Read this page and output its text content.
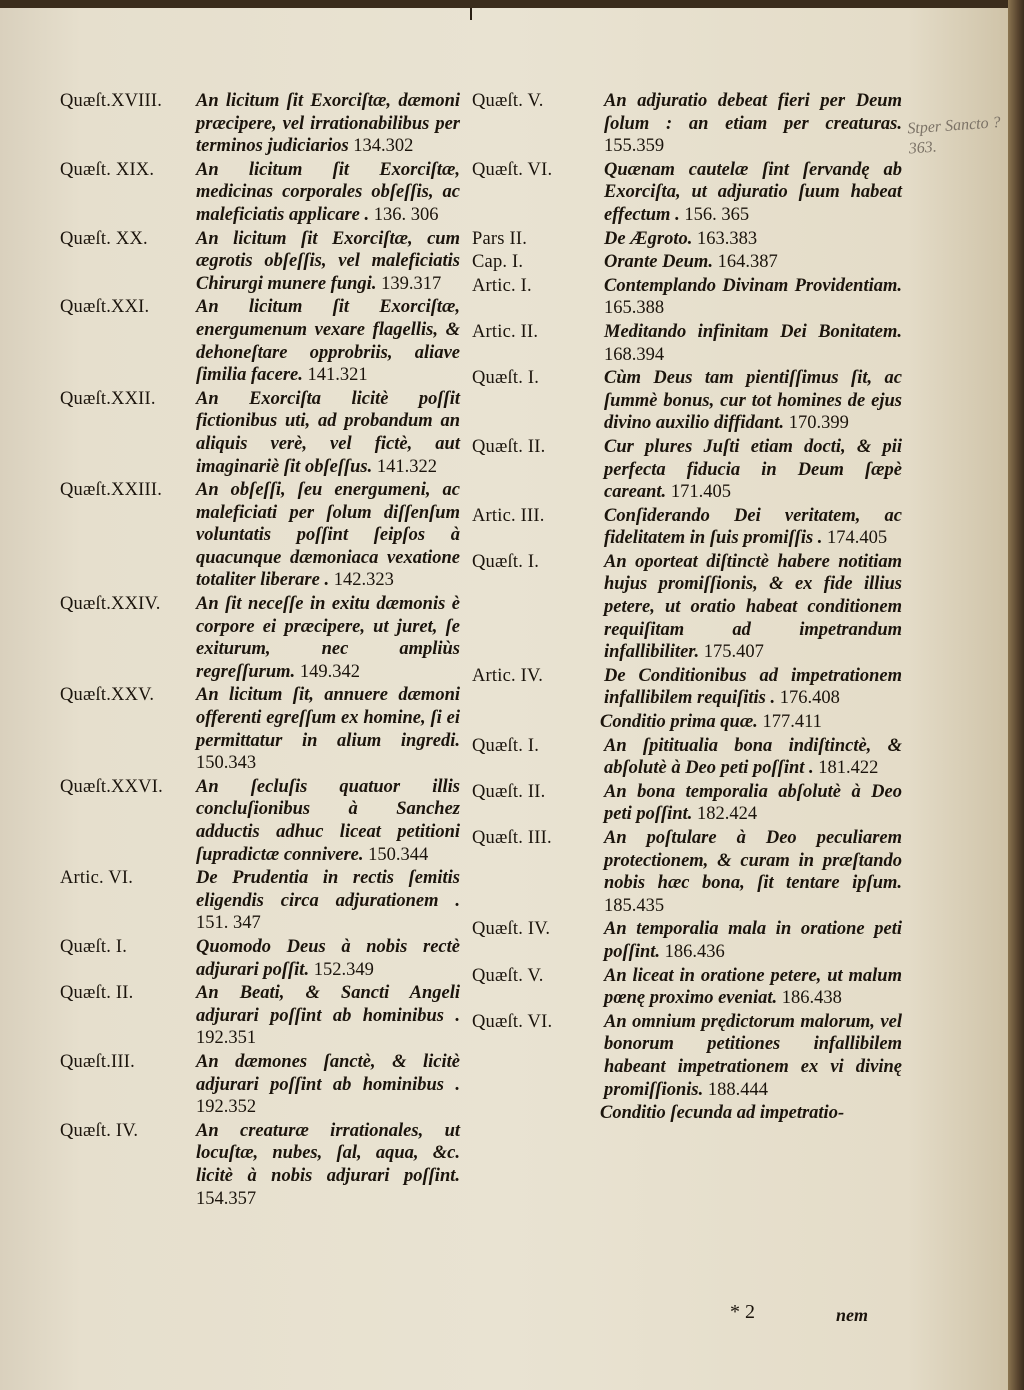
Quæſt.XVIII.	An licitum ſit Exorciſtæ, dæmoni præcipere, vel irrationabilibus per terminos judiciarios 134.302
Quæſt. XIX.	An licitum ſit Exorciſtæ, medicinas corporales obſeſſis, ac maleficiatis applicare . 136. 306
Quæſt. XX.	An licitum ſit Exorciſtæ, cum ægrotis obſeſſis, vel maleficiatis Chirurgi munere fungi. 139.317
Quæſt.XXI.	An licitum ſit Exorciſtæ, energumenum vexare flagellis, & dehoneſtare opprobriis, aliave ſimilia facere. 141.321
Quæſt.XXII.	An Exorciſta licitè poſſit fictionibus uti, ad probandum an aliquis verè, vel fictè, aut imaginariè ſit obſeſſus. 141.322
Quæſt.XXIII.	An obſeſſi, ſeu energumeni, ac maleficiati per ſolum diſſenſum voluntatis poſſint ſeipſos à quacunque dæmoniaca vexatione totaliter liberare . 142.323
Quæſt.XXIV.	An ſit neceſſe in exitu dæmonis è corpore ei præcipere, ut juret, ſe exiturum, nec ampliùs regreſſurum. 149.342
Quæſt.XXV.	An licitum ſit, annuere dæmoni offerenti egreſſum ex homine, ſi ei permittatur in alium ingredi. 150.343
Quæſt.XXVI.	An ſecluſis quatuor illis concluſionibus à Sanchez adductis adhuc liceat petitioni ſupradictæ connivere. 150.344
Artic. VI.	De Prudentia in rectis ſemitis eligendis circa adjurationem . 151. 347
Quæſt. I.	Quomodo Deus à nobis rectè adjurari poſſit. 152.349
Quæſt. II.	An Beati, & Sancti Angeli adjurari poſſint ab hominibus . 192.351
Quæſt.III.	An dæmones ſanctè, & licitè adjurari poſſint ab hominibus . 192.352
Quæſt. IV.	An creaturæ irrationales, ut locuſtæ, nubes, ſal, aqua, &c. licitè à nobis adjurari poſſint. 154.357
Quæſt. V.	An adjuratio debeat fieri per Deum ſolum : an etiam per creaturas. 155.359
Quæſt. VI.	Quænam cautelæ ſint ſervandę ab Exorciſta, ut adjuratio ſuum habeat effectum . 156. 365
Pars II.	De Ægroto. 163.383
Cap. I.	Orante Deum. 164.387
Artic. I.	Contemplando Divinam Providentiam. 165.388
Artic. II.	Meditando infinitam Dei Bonitatem. 168.394
Quæſt. I.	Cùm Deus tam pientiſſimus ſit, ac ſummè bonus, cur tot homines de ejus divino auxilio diffidant. 170.399
Quæſt. II.	Cur plures Juſti etiam docti, & pii perfecta fiducia in Deum ſæpè careant. 171.405
Artic. III.	Conſiderando Dei veritatem, ac fidelitatem in ſuis promiſſis . 174.405
Quæſt. I.	An oporteat diſtinctè habere notitiam hujus promiſſionis, & ex fide illius petere, ut oratio habeat conditionem requiſitam ad impetrandum infallibiliter. 175.407
Artic. IV.	De Conditionibus ad impetrationem infallibilem requiſitis . 176.408
Conditio prima quæ. 177.411
Quæſt. I.	An ſpititualia bona indiſtinctè, & abſolutè à Deo peti poſſint . 181.422
Quæſt. II.	An bona temporalia abſolutè à Deo peti poſſint. 182.424
Quæſt. III.	An poſtulare à Deo peculiarem protectionem, & curam in præſtando nobis hæc bona, ſit tentare ipſum. 185.435
Quæſt. IV.	An temporalia mala in oratione peti poſſint. 186.436
Quæſt. V.	An liceat in oratione petere, ut malum pœnę proximo eveniat. 186.438
Quæſt. VI.	An omnium prędictorum malorum, vel bonorum petitiones infallibilem habeant impetrationem ex vi divinę promiſſionis. 188.444
Conditio ſecunda ad impetratio-
* 2	nem
Stper Sancto ? 363.
